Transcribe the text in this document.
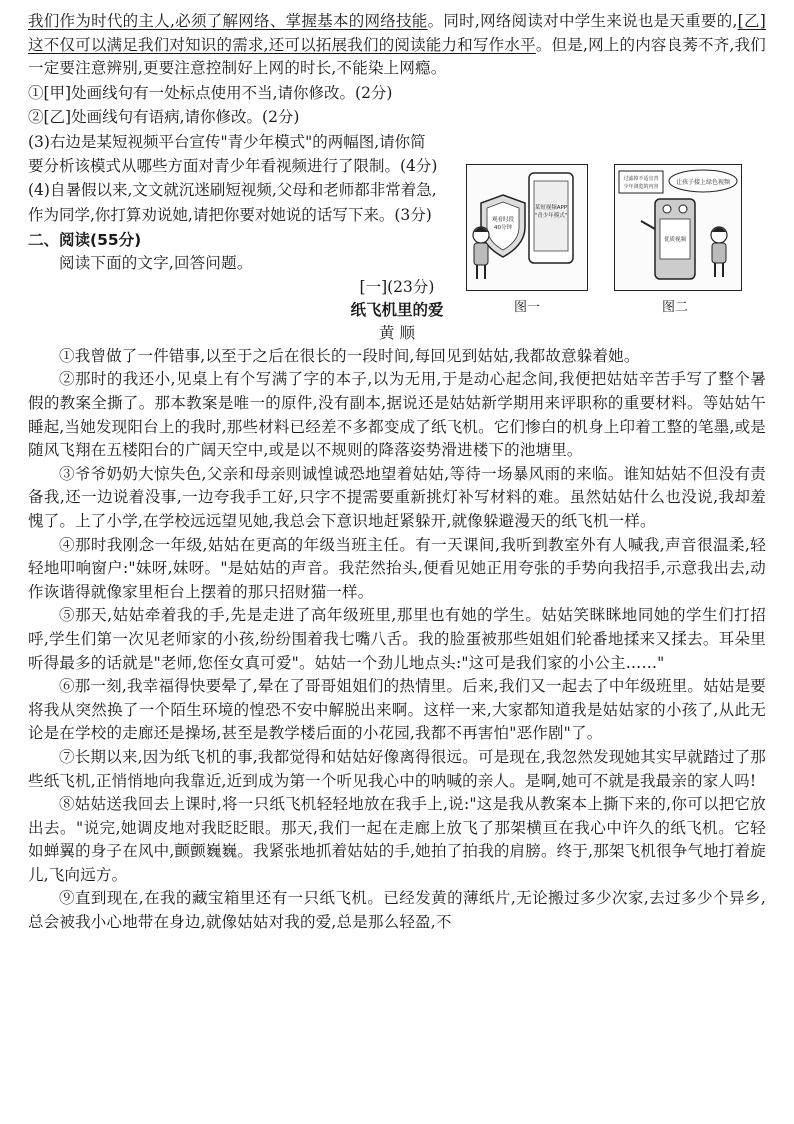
我们作为时代的主人,必须了解网络、掌握基本的网络技能。同时,网络阅读对中学生来说也是天重要的,[乙]这不仅可以满足我们对知识的需求,还可以拓展我们的阅读能力和写作水平。但是,网上的内容良莠不齐,我们一定要注意辨别,更要注意控制好上网的时长,不能染上网瘾。

①[甲]处画线句有一处标点使用不当,请你修改。(2分)

②[乙]处画线句有语病,请你修改。(2分)

(3)右边是某短视频平台宣传"青少年模式"的两幅图,请你简要分析该模式从哪些方面对青少年看视频进行了限制。(4分)

(4)自暑假以来,文文就沉迷刷短视频,父母和老师都非常着急,作为同学,你打算劝说她,请把你要对她说的话写下来。(3分)	某短视频APP
"青少年模式"
观看时段
40分钟
过滤掉不适宜青
少年浏览的内容
让孩子接上绿色视频
优质视频
图一	图二

二、阅读(55分)

阅读下面的文字,回答问题。

[一](23分)

纸飞机里的爱

黄 顺

①我曾做了一件错事,以至于之后在很长的一段时间,每回见到姑姑,我都故意躲着她。

②那时的我还小,见桌上有个写满了字的本子,以为无用,于是动心起念间,我便把姑姑辛苦手写了整个暑假的教案全撕了。那本教案是唯一的原件,没有副本,据说还是姑姑新学期用来评职称的重要材料。等姑姑午睡起,当她发现阳台上的我时,那些材料已经差不多都变成了纸飞机。它们惨白的机身上印着工整的笔墨,或是随风飞翔在五楼阳台的广阔天空中,或是以不规则的降落姿势滑进楼下的池塘里。

③爷爷奶奶大惊失色,父亲和母亲则诚惶诚恐地望着姑姑,等待一场暴风雨的来临。谁知姑姑不但没有责备我,还一边说着没事,一边夸我手工好,只字不提需要重新挑灯补写材料的难。虽然姑姑什么也没说,我却羞愧了。上了小学,在学校远远望见她,我总会下意识地赶紧躲开,就像躲避漫天的纸飞机一样。

④那时我刚念一年级,姑姑在更高的年级当班主任。有一天课间,我听到教室外有人喊我,声音很温柔,轻轻地叩响窗户:"妹呀,妹呀。"是姑姑的声音。我茫然抬头,便看见她正用夸张的手势向我招手,示意我出去,动作诙谐得就像家里柜台上摆着的那只招财猫一样。

⑤那天,姑姑牵着我的手,先是走进了高年级班里,那里也有她的学生。姑姑笑眯眯地同她的学生们打招呼,学生们第一次见老师家的小孩,纷纷围着我七嘴八舌。我的脸蛋被那些姐姐们轮番地揉来又揉去。耳朵里听得最多的话就是"老师,您侄女真可爱"。姑姑一个劲儿地点头:"这可是我们家的小公主……"

⑥那一刻,我幸福得快要晕了,晕在了哥哥姐姐们的热情里。后来,我们又一起去了中年级班里。姑姑是要将我从突然换了一个陌生环境的惶恐不安中解脱出来啊。这样一来,大家都知道我是姑姑家的小孩了,从此无论是在学校的走廊还是操场,甚至是教学楼后面的小花园,我都不再害怕"恶作剧"了。

⑦长期以来,因为纸飞机的事,我都觉得和姑姑好像离得很远。可是现在,我忽然发现她其实早就踏过了那些纸飞机,正悄悄地向我靠近,近到成为第一个听见我心中的呐喊的亲人。是啊,她可不就是我最亲的家人吗!

⑧姑姑送我回去上课时,将一只纸飞机轻轻地放在我手上,说:"这是我从教案本上撕下来的,你可以把它放出去。"说完,她调皮地对我眨眨眼。那天,我们一起在走廊上放飞了那架横亘在我心中许久的纸飞机。它轻如蝉翼的身子在风中,颤颤巍巍。我紧张地抓着姑姑的手,她拍了拍我的肩膀。终于,那架飞机很争气地打着旋儿,飞向远方。

⑨直到现在,在我的藏宝箱里还有一只纸飞机。已经发黄的薄纸片,无论搬过多少次家,去过多少个异乡,总会被我小心地带在身边,就像姑姑对我的爱,总是那么轻盈,不
